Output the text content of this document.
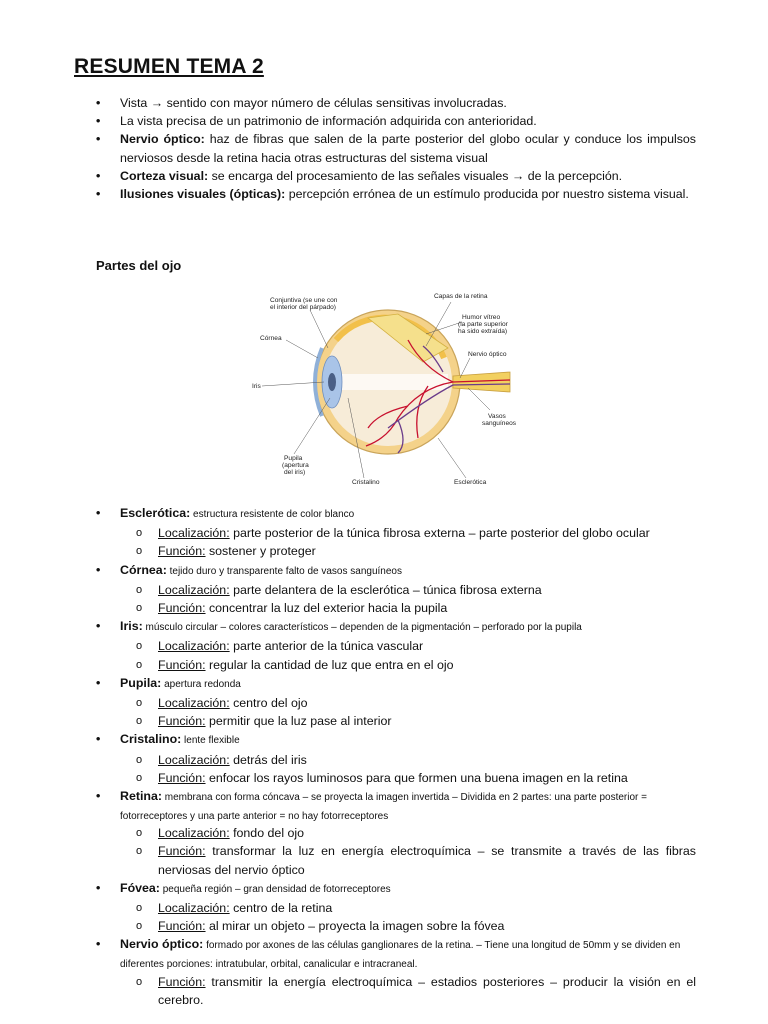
RESUMEN TEMA 2
• Vista → sentido con mayor número de células sensitivas involucradas.
• La vista precisa de un patrimonio de información adquirida con anterioridad.
• Nervio óptico: haz de fibras que salen de la parte posterior del globo ocular y conduce los impulsos nerviosos desde la retina hacia otras estructuras del sistema visual
• Corteza visual: se encarga del procesamiento de las señales visuales → de la percepción.
• Ilusiones visuales (ópticas): percepción errónea de un estímulo producida por nuestro sistema visual.
Partes del ojo
Conjuntiva (se une con
el interior del párpado)
Capas de la retina
Humor vítreo
(la parte superior
ha sido extraída)
Córnea
Nervio óptico
Iris
Vasos
sanguíneos
Pupila
(apertura
del iris)
Cristalino	Esclerótica
• Esclerótica: estructura resistente de color blanco
o Localización: parte posterior de la túnica fibrosa externa – parte posterior del globo ocular
o Función: sostener y proteger
• Córnea: tejido duro y transparente falto de vasos sanguíneos
o Localización: parte delantera de la esclerótica – túnica fibrosa externa
o Función: concentrar la luz del exterior hacia la pupila
• Iris: músculo circular – colores característicos – dependen de la pigmentación – perforado por la pupila
o Localización: parte anterior de la túnica vascular
o Función: regular la cantidad de luz que entra en el ojo
• Pupila: apertura redonda
o Localización: centro del ojo
o Función: permitir que la luz pase al interior
• Cristalino: lente flexible
o Localización: detrás del iris
o Función: enfocar los rayos luminosos para que formen una buena imagen en la retina
• Retina: membrana con forma cóncava – se proyecta la imagen invertida – Dividida en 2 partes: una parte posterior = fotorreceptores y una parte anterior = no hay fotorreceptores
o Localización: fondo del ojo
o Función: transformar la luz en energía electroquímica – se transmite a través de las fibras nerviosas del nervio óptico
• Fóvea: pequeña región – gran densidad de fotorreceptores
o Localización: centro de la retina
o Función: al mirar un objeto – proyecta la imagen sobre la fóvea
• Nervio óptico: formado por axones de las células ganglionares de la retina. – Tiene una longitud de 50mm y se dividen en diferentes porciones: intratubular, orbital, canalicular e intracraneal.
o Función: transmitir la energía electroquímica – estadios posteriores – producir la visión en el cerebro.
